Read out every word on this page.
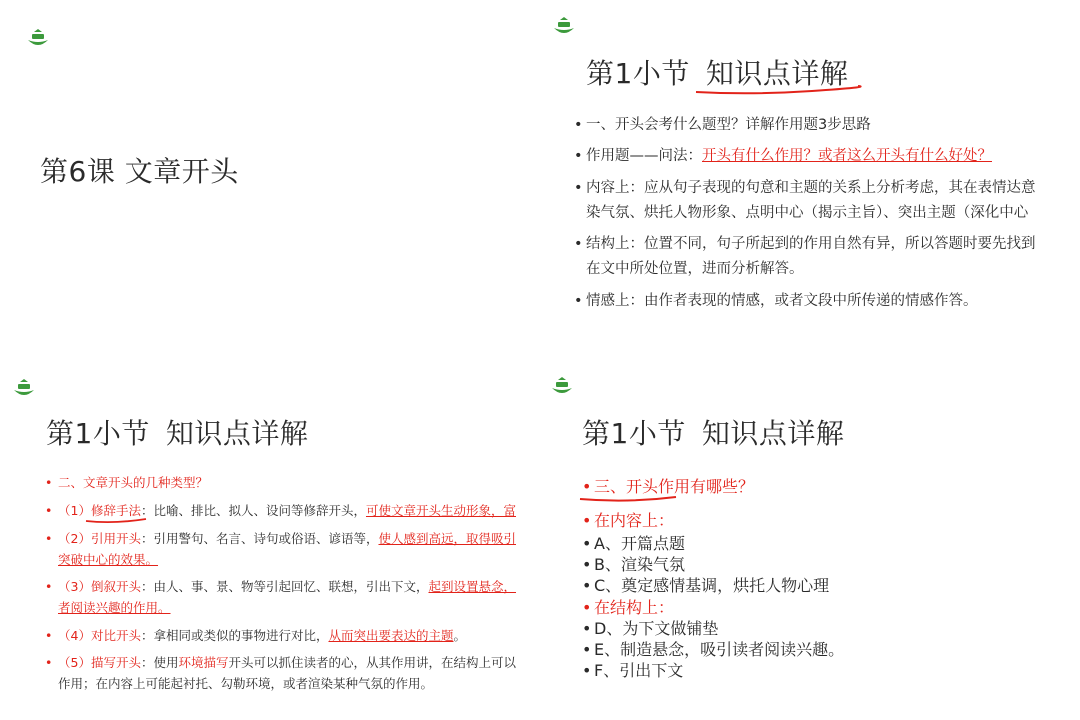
第6课 文章开头
第1小节 知识点详解
• 一、开头会考什么题型？详解作用题3步思路
• 作用题——问法：开头有什么作用？或者这么开头有什么好处？
• 内容上：应从句子表现的句意和主题的关系上分析考虑，其在表情达意
染气氛、烘托人物形象、点明中心（揭示主旨）、突出主题（深化中心
• 结构上：位置不同，句子所起到的作用自然有异，所以答题时要先找到
在文中所处位置，进而分析解答。
• 情感上：由作者表现的情感，或者文段中所传递的情感作答。
第1小节 知识点详解
• 二、文章开头的几种类型？
• （1）修辞手法：比喻、排比、拟人、设问等修辞开头，可使文章开头生动形象，富
• （2）引用开头：引用警句、名言、诗句或俗语、谚语等，使人感到高远，取得吸引
突破中心的效果。
• （3）倒叙开头：由人、事、景、物等引起回忆、联想，引出下文，起到设置悬念，
者阅读兴趣的作用。
• （4）对比开头：拿相同或类似的事物进行对比，从而突出要表达的主题。
• （5）描写开头：使用环境描写开头可以抓住读者的心，从其作用讲，在结构上可以
作用；在内容上可能起衬托、勾勒环境，或者渲染某种气氛的作用。
第1小节 知识点详解
• 三、开头作用有哪些？
• 在内容上：
• A、开篇点题
• B、渲染气氛
• C、奠定感情基调，烘托人物心理
• 在结构上：
• D、为下文做铺垫
• E、制造悬念，吸引读者阅读兴趣。
• F、引出下文
